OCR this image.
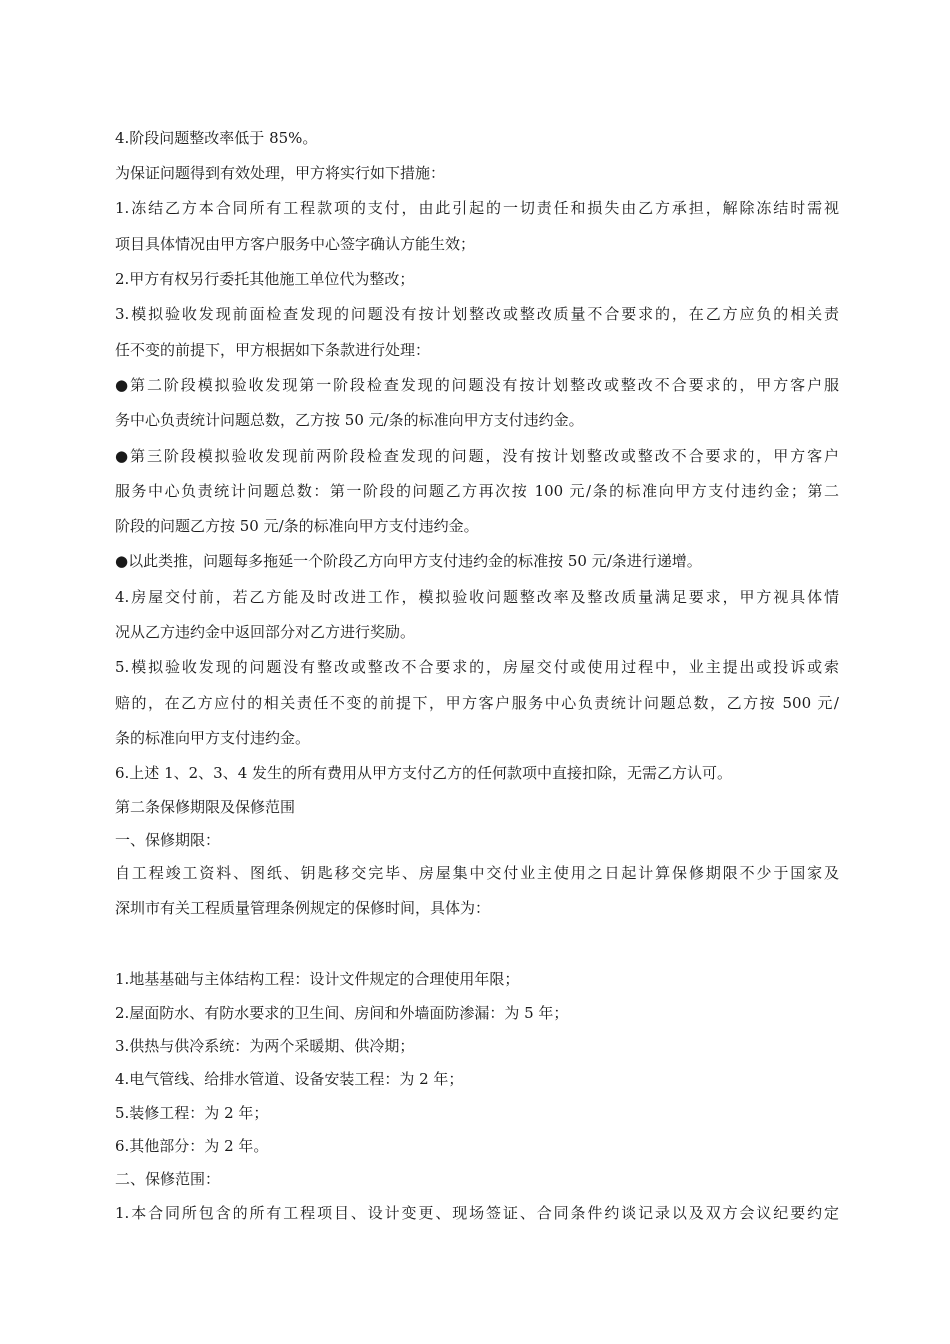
4.阶段问题整改率低于 85%。
为保证问题得到有效处理，甲方将实行如下措施：
1.冻结乙方本合同所有工程款项的支付，由此引起的一切责任和损失由乙方承担，解除冻结时需视
项目具体情况由甲方客户服务中心签字确认方能生效；
2.甲方有权另行委托其他施工单位代为整改；
3.模拟验收发现前面检查发现的问题没有按计划整改或整改质量不合要求的，在乙方应负的相关责
任不变的前提下，甲方根据如下条款进行处理：
●第二阶段模拟验收发现第一阶段检查发现的问题没有按计划整改或整改不合要求的，甲方客户服
务中心负责统计问题总数，乙方按 50 元/条的标准向甲方支付违约金。
●第三阶段模拟验收发现前两阶段检查发现的问题，没有按计划整改或整改不合要求的，甲方客户
服务中心负责统计问题总数：第一阶段的问题乙方再次按 100 元/条的标准向甲方支付违约金；第二
阶段的问题乙方按 50 元/条的标准向甲方支付违约金。
●以此类推，问题每多拖延一个阶段乙方向甲方支付违约金的标准按 50 元/条进行递增。
4.房屋交付前，若乙方能及时改进工作，模拟验收问题整改率及整改质量满足要求，甲方视具体情
况从乙方违约金中返回部分对乙方进行奖励。
5.模拟验收发现的问题没有整改或整改不合要求的，房屋交付或使用过程中，业主提出或投诉或索
赔的，在乙方应付的相关责任不变的前提下，甲方客户服务中心负责统计问题总数，乙方按 500 元/
条的标准向甲方支付违约金。
6.上述 1、2、3、4 发生的所有费用从甲方支付乙方的任何款项中直接扣除，无需乙方认可。
第二条保修期限及保修范围
一、保修期限：
自工程竣工资料、图纸、钥匙移交完毕、房屋集中交付业主使用之日起计算保修期限不少于国家及
深圳市有关工程质量管理条例规定的保修时间，具体为：
1.地基基础与主体结构工程：设计文件规定的合理使用年限；
2.屋面防水、有防水要求的卫生间、房间和外墙面防渗漏：为 5 年；
3.供热与供冷系统：为两个采暖期、供冷期；
4.电气管线、给排水管道、设备安装工程：为 2 年；
5.装修工程：为 2 年；
6.其他部分：为 2 年。
二、保修范围：
1.本合同所包含的所有工程项目、设计变更、现场签证、合同条件约谈记录以及双方会议纪要约定
